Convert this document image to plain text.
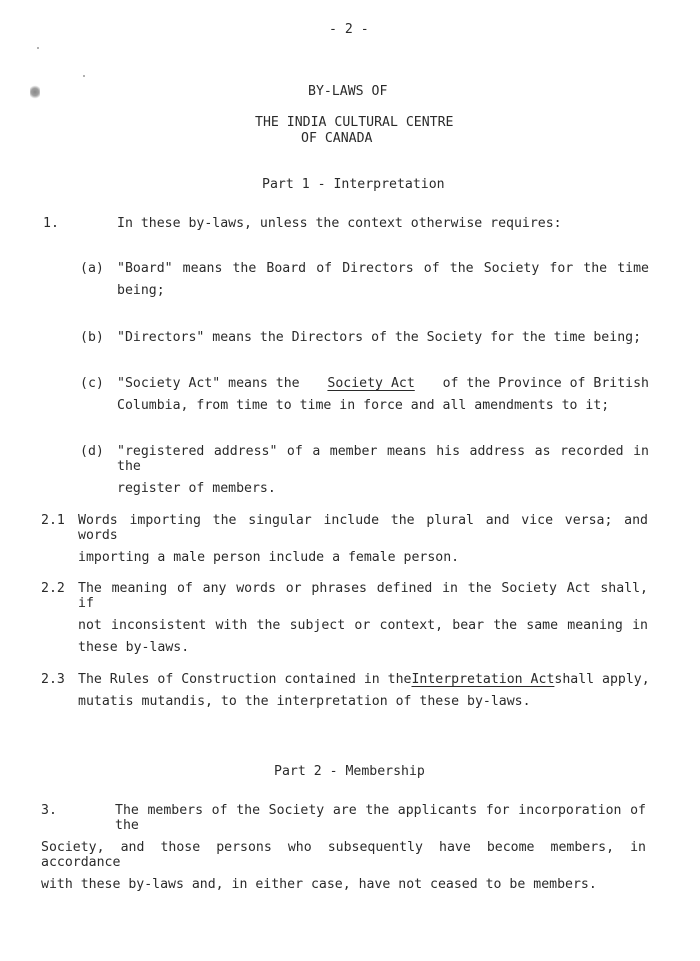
- 2 -
BY-LAWS OF
THE INDIA CULTURAL CENTRE
OF CANADA
Part 1 - Interpretation
1.	In these by-laws, unless the context otherwise requires:
(a) "Board" means the Board of Directors of the Society for the time
being;
(b) "Directors" means the Directors of the Society for the time being;
(c) "Society Act" means the Society Act of the Province of British
Columbia, from time to time in force and all amendments to it;
(d) "registered address" of a member means his address as recorded in the
register of members.
2.1 Words importing the singular include the plural and vice versa; and words
importing a male person include a female person.
2.2 The meaning of any words or phrases defined in the Society Act shall, if
not inconsistent with the subject or context, bear the same meaning in
these by-laws.
2.3 The Rules of Construction contained in the Interpretation Act shall apply,
mutatis mutandis, to the interpretation of these by-laws.
Part 2 - Membership
3.	The members of the Society are the applicants for incorporation of the
Society, and those persons who subsequently have become members, in accordance
with these by-laws and, in either case, have not ceased to be members.
